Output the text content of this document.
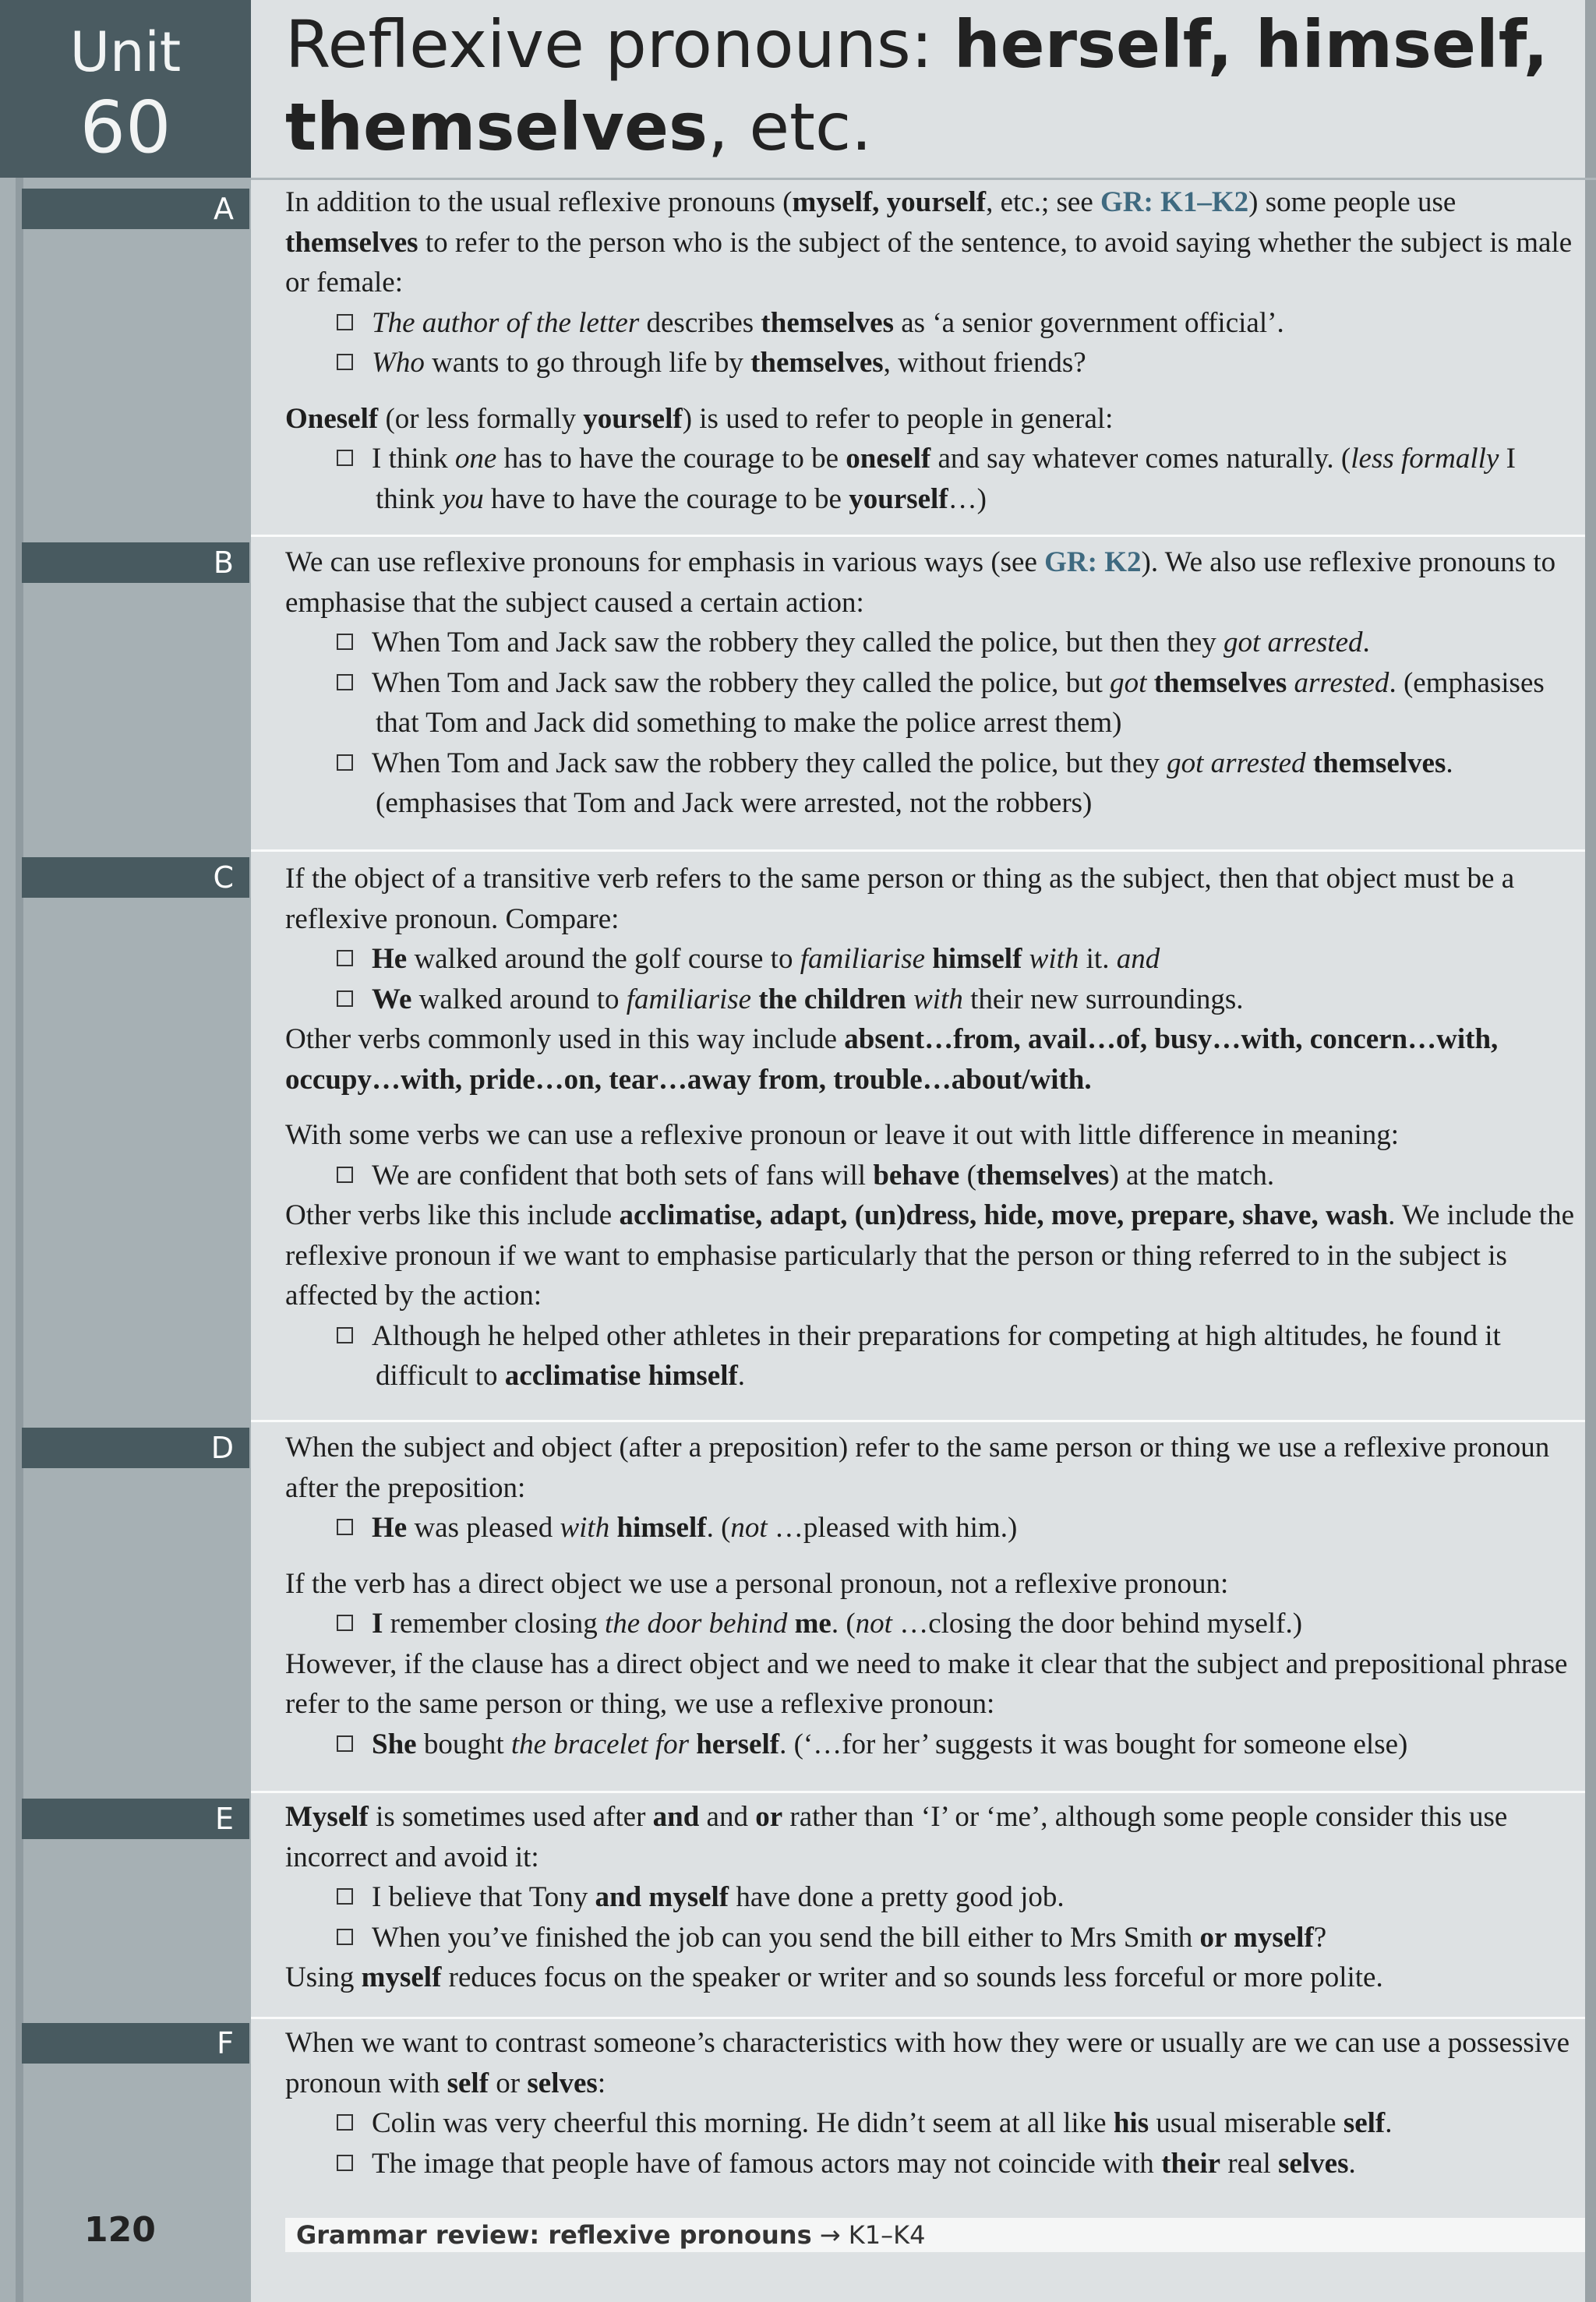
Unit
60
Reflexive pronouns: herself, himself,
themselves, etc.
A	In addition to the usual reflexive pronouns (myself, yourself, etc.; see GR: K1–K2) some people use themselves to refer to the person who is the subject of the sentence, to avoid saying whether the subject is male or female:

The author of the letter describes themselves as ‘a senior government official’.

Who wants to go through life by themselves, without friends?

Oneself (or less formally yourself) is used to refer to people in general:

I think one has to have the courage to be oneself and say whatever comes naturally. (less formally I think you have to have the courage to be yourself…)

B	We can use reflexive pronouns for emphasis in various ways (see GR: K2). We also use reflexive pronouns to emphasise that the subject caused a certain action:

When Tom and Jack saw the robbery they called the police, but then they got arrested.

When Tom and Jack saw the robbery they called the police, but got themselves arrested. (emphasises that Tom and Jack did something to make the police arrest them)

When Tom and Jack saw the robbery they called the police, but they got arrested themselves. (emphasises that Tom and Jack were arrested, not the robbers)

C	If the object of a transitive verb refers to the same person or thing as the subject, then that object must be a reflexive pronoun. Compare:

He walked around the golf course to familiarise himself with it. and

We walked around to familiarise the children with their new surroundings.

Other verbs commonly used in this way include absent…from, avail…of, busy…with, concern…with, occupy…with, pride…on, tear…away from, trouble…about/with.

With some verbs we can use a reflexive pronoun or leave it out with little difference in meaning:

We are confident that both sets of fans will behave (themselves) at the match.

Other verbs like this include acclimatise, adapt, (un)dress, hide, move, prepare, shave, wash. We include the reflexive pronoun if we want to emphasise particularly that the person or thing referred to in the subject is affected by the action:

Although he helped other athletes in their preparations for competing at high altitudes, he found it difficult to acclimatise himself.

D	When the subject and object (after a preposition) refer to the same person or thing we use a reflexive pronoun after the preposition:

He was pleased with himself. (not …pleased with him.)

If the verb has a direct object we use a personal pronoun, not a reflexive pronoun:

I remember closing the door behind me. (not …closing the door behind myself.)

However, if the clause has a direct object and we need to make it clear that the subject and prepositional phrase refer to the same person or thing, we use a reflexive pronoun:

She bought the bracelet for herself. (‘…for her’ suggests it was bought for someone else)

E	Myself is sometimes used after and and or rather than ‘I’ or ‘me’, although some people consider this use incorrect and avoid it:

I believe that Tony and myself have done a pretty good job.

When you’ve finished the job can you send the bill either to Mrs Smith or myself?

Using myself reduces focus on the speaker or writer and so sounds less forceful or more polite.

F	When we want to contrast someone’s characteristics with how they were or usually are we can use a possessive pronoun with self or selves:

Colin was very cheerful this morning. He didn’t seem at all like his usual miserable self.

The image that people have of famous actors may not coincide with their real selves.

120	Grammar review: reflexive pronouns → K1–K4
